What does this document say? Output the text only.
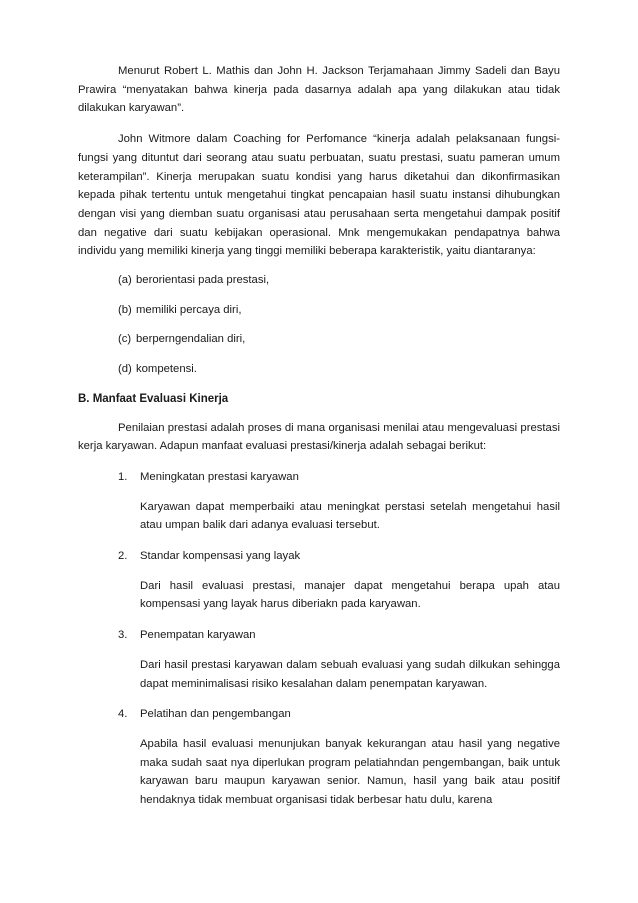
Menurut Robert L. Mathis dan John H. Jackson Terjamahaan Jimmy Sadeli dan Bayu Prawira “menyatakan bahwa kinerja pada dasarnya adalah apa yang dilakukan atau tidak dilakukan karyawan”.

John Witmore dalam Coaching for Perfomance “kinerja adalah pelaksanaan fungsi-fungsi yang dituntut dari seorang atau suatu perbuatan, suatu prestasi, suatu pameran umum keterampilan”. Kinerja merupakan suatu kondisi yang harus diketahui dan dikonfirmasikan kepada pihak tertentu untuk mengetahui tingkat pencapaian hasil suatu instansi dihubungkan dengan visi yang diemban suatu organisasi atau perusahaan serta mengetahui dampak positif dan negative dari suatu kebijakan operasional. Mnk mengemukakan pendapatnya bahwa individu yang memiliki kinerja yang tinggi memiliki beberapa karakteristik, yaitu diantaranya:

(a) berorientasi pada prestasi,
(b) memiliki percaya diri,
(c) berperngendalian diri,
(d) kompetensi.

B. Manfaat Evaluasi Kinerja

Penilaian prestasi adalah proses di mana organisasi menilai atau mengevaluasi prestasi kerja karyawan. Adapun manfaat evaluasi prestasi/kinerja adalah sebagai berikut:

1.	Meningkatan prestasi karyawan

Karyawan dapat memperbaiki atau meningkat perstasi setelah mengetahui hasil atau umpan balik dari adanya evaluasi tersebut.

2.	Standar kompensasi yang layak

Dari hasil evaluasi prestasi, manajer dapat mengetahui berapa upah atau kompensasi yang layak harus diberiakn pada karyawan.

3.	Penempatan karyawan

Dari hasil prestasi karyawan dalam sebuah evaluasi yang sudah dilkukan sehingga dapat meminimalisasi risiko kesalahan dalam penempatan karyawan.

4.	Pelatihan dan pengembangan

Apabila hasil evaluasi menunjukan banyak kekurangan atau hasil yang negative maka sudah saat nya diperlukan program pelatiahndan pengembangan, baik untuk karyawan baru maupun karyawan senior. Namun, hasil yang baik atau positif hendaknya tidak membuat organisasi tidak berbesar hatu dulu, karena
